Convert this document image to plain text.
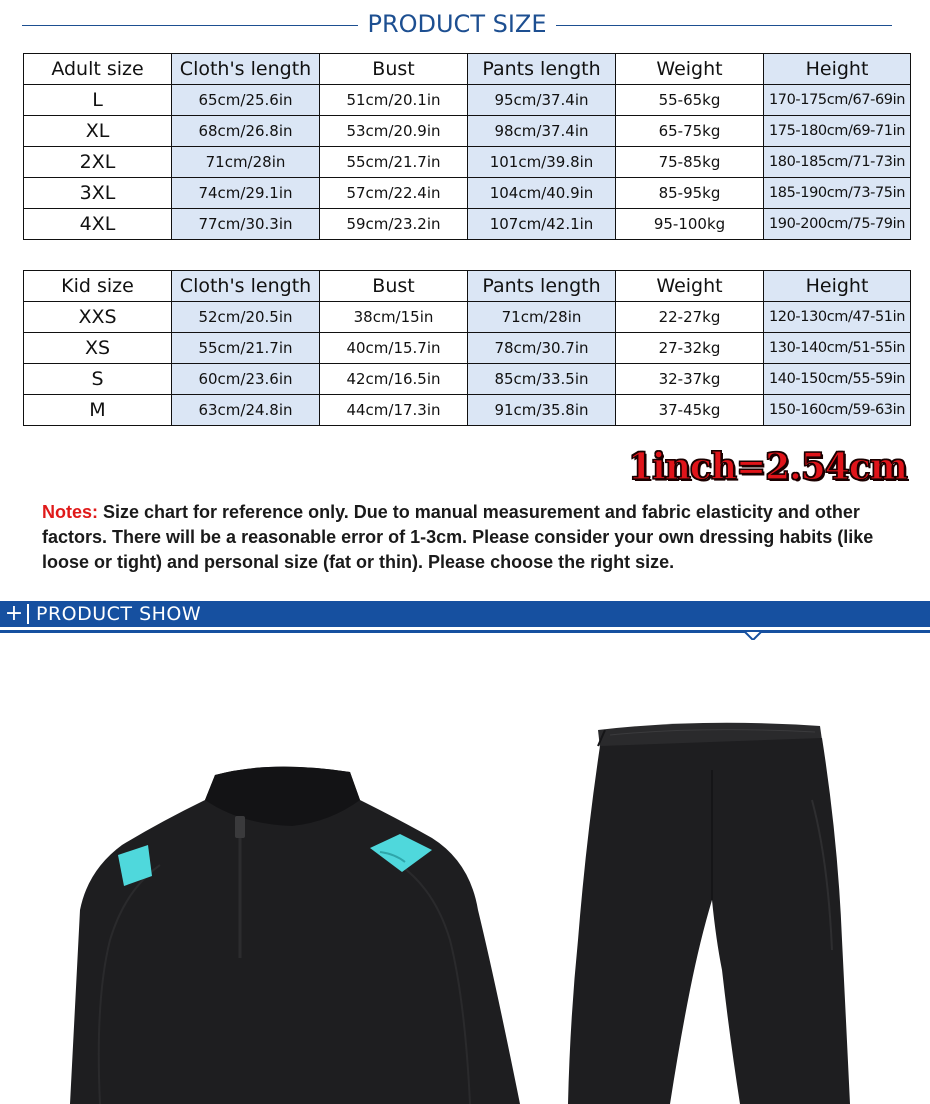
PRODUCT SIZE
Adult size	Cloth's length	Bust	Pants length	Weight	Height
L	65cm/25.6in	51cm/20.1in	95cm/37.4in	55-65kg	170-175cm/67-69in
XL	68cm/26.8in	53cm/20.9in	98cm/37.4in	65-75kg	175-180cm/69-71in
2XL	71cm/28in	55cm/21.7in	101cm/39.8in	75-85kg	180-185cm/71-73in
3XL	74cm/29.1in	57cm/22.4in	104cm/40.9in	85-95kg	185-190cm/73-75in
4XL	77cm/30.3in	59cm/23.2in	107cm/42.1in	95-100kg	190-200cm/75-79in
Kid size	Cloth's length	Bust	Pants length	Weight	Height
XXS	52cm/20.5in	38cm/15in	71cm/28in	22-27kg	120-130cm/47-51in
XS	55cm/21.7in	40cm/15.7in	78cm/30.7in	27-32kg	130-140cm/51-55in
S	60cm/23.6in	42cm/16.5in	85cm/33.5in	32-37kg	140-150cm/55-59in
M	63cm/24.8in	44cm/17.3in	91cm/35.8in	37-45kg	150-160cm/59-63in
1inch=2.54cm
Notes: Size chart for reference only. Due to manual measurement and fabric elasticity and other factors. There will be a reasonable error of 1-3cm. Please consider your own dressing habits (like loose or tight) and personal size (fat or thin). Please choose the right size.
+ PRODUCT SHOW
